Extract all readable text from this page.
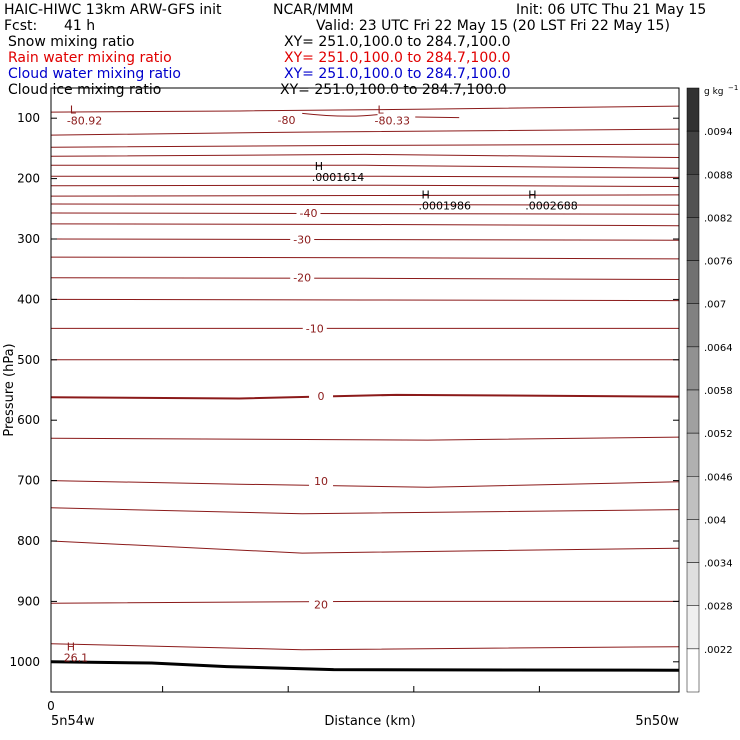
HAIC-HIWC 13km ARW-GFS init	NCAR/MMM	Init: 06 UTC Thu 21 May 15
Fcst: 41 h	Valid: 23 UTC Fri 22 May 15 (20 LST Fri 22 May 15)
Snow mixing ratio	XY= 251.0,100.0 to 284.7,100.0
Rain water mixing ratio	XY= 251.0,100.0 to 284.7,100.0
Cloud water mixing ratio	XY= 251.0,100.0 to 284.7,100.0
Cloud ice mixing ratio	XY= 251.0,100.0 to 284.7,100.0
100
200
300
400
500
600
700
800
900
1000
-80
-40
-30
-20
-10
0
10
20
L
-80.92
L
-80.33
H
.0001614
H
.0001986
H
.0002688
H
26.1
Pressure (hPa)
Distance (km)
0
5n54w	5n50w
.0094
.0088
.0082
.0076
.007
.0064
.0058
.0052
.0046
.004
.0034
.0028
.0022
g kg −1
